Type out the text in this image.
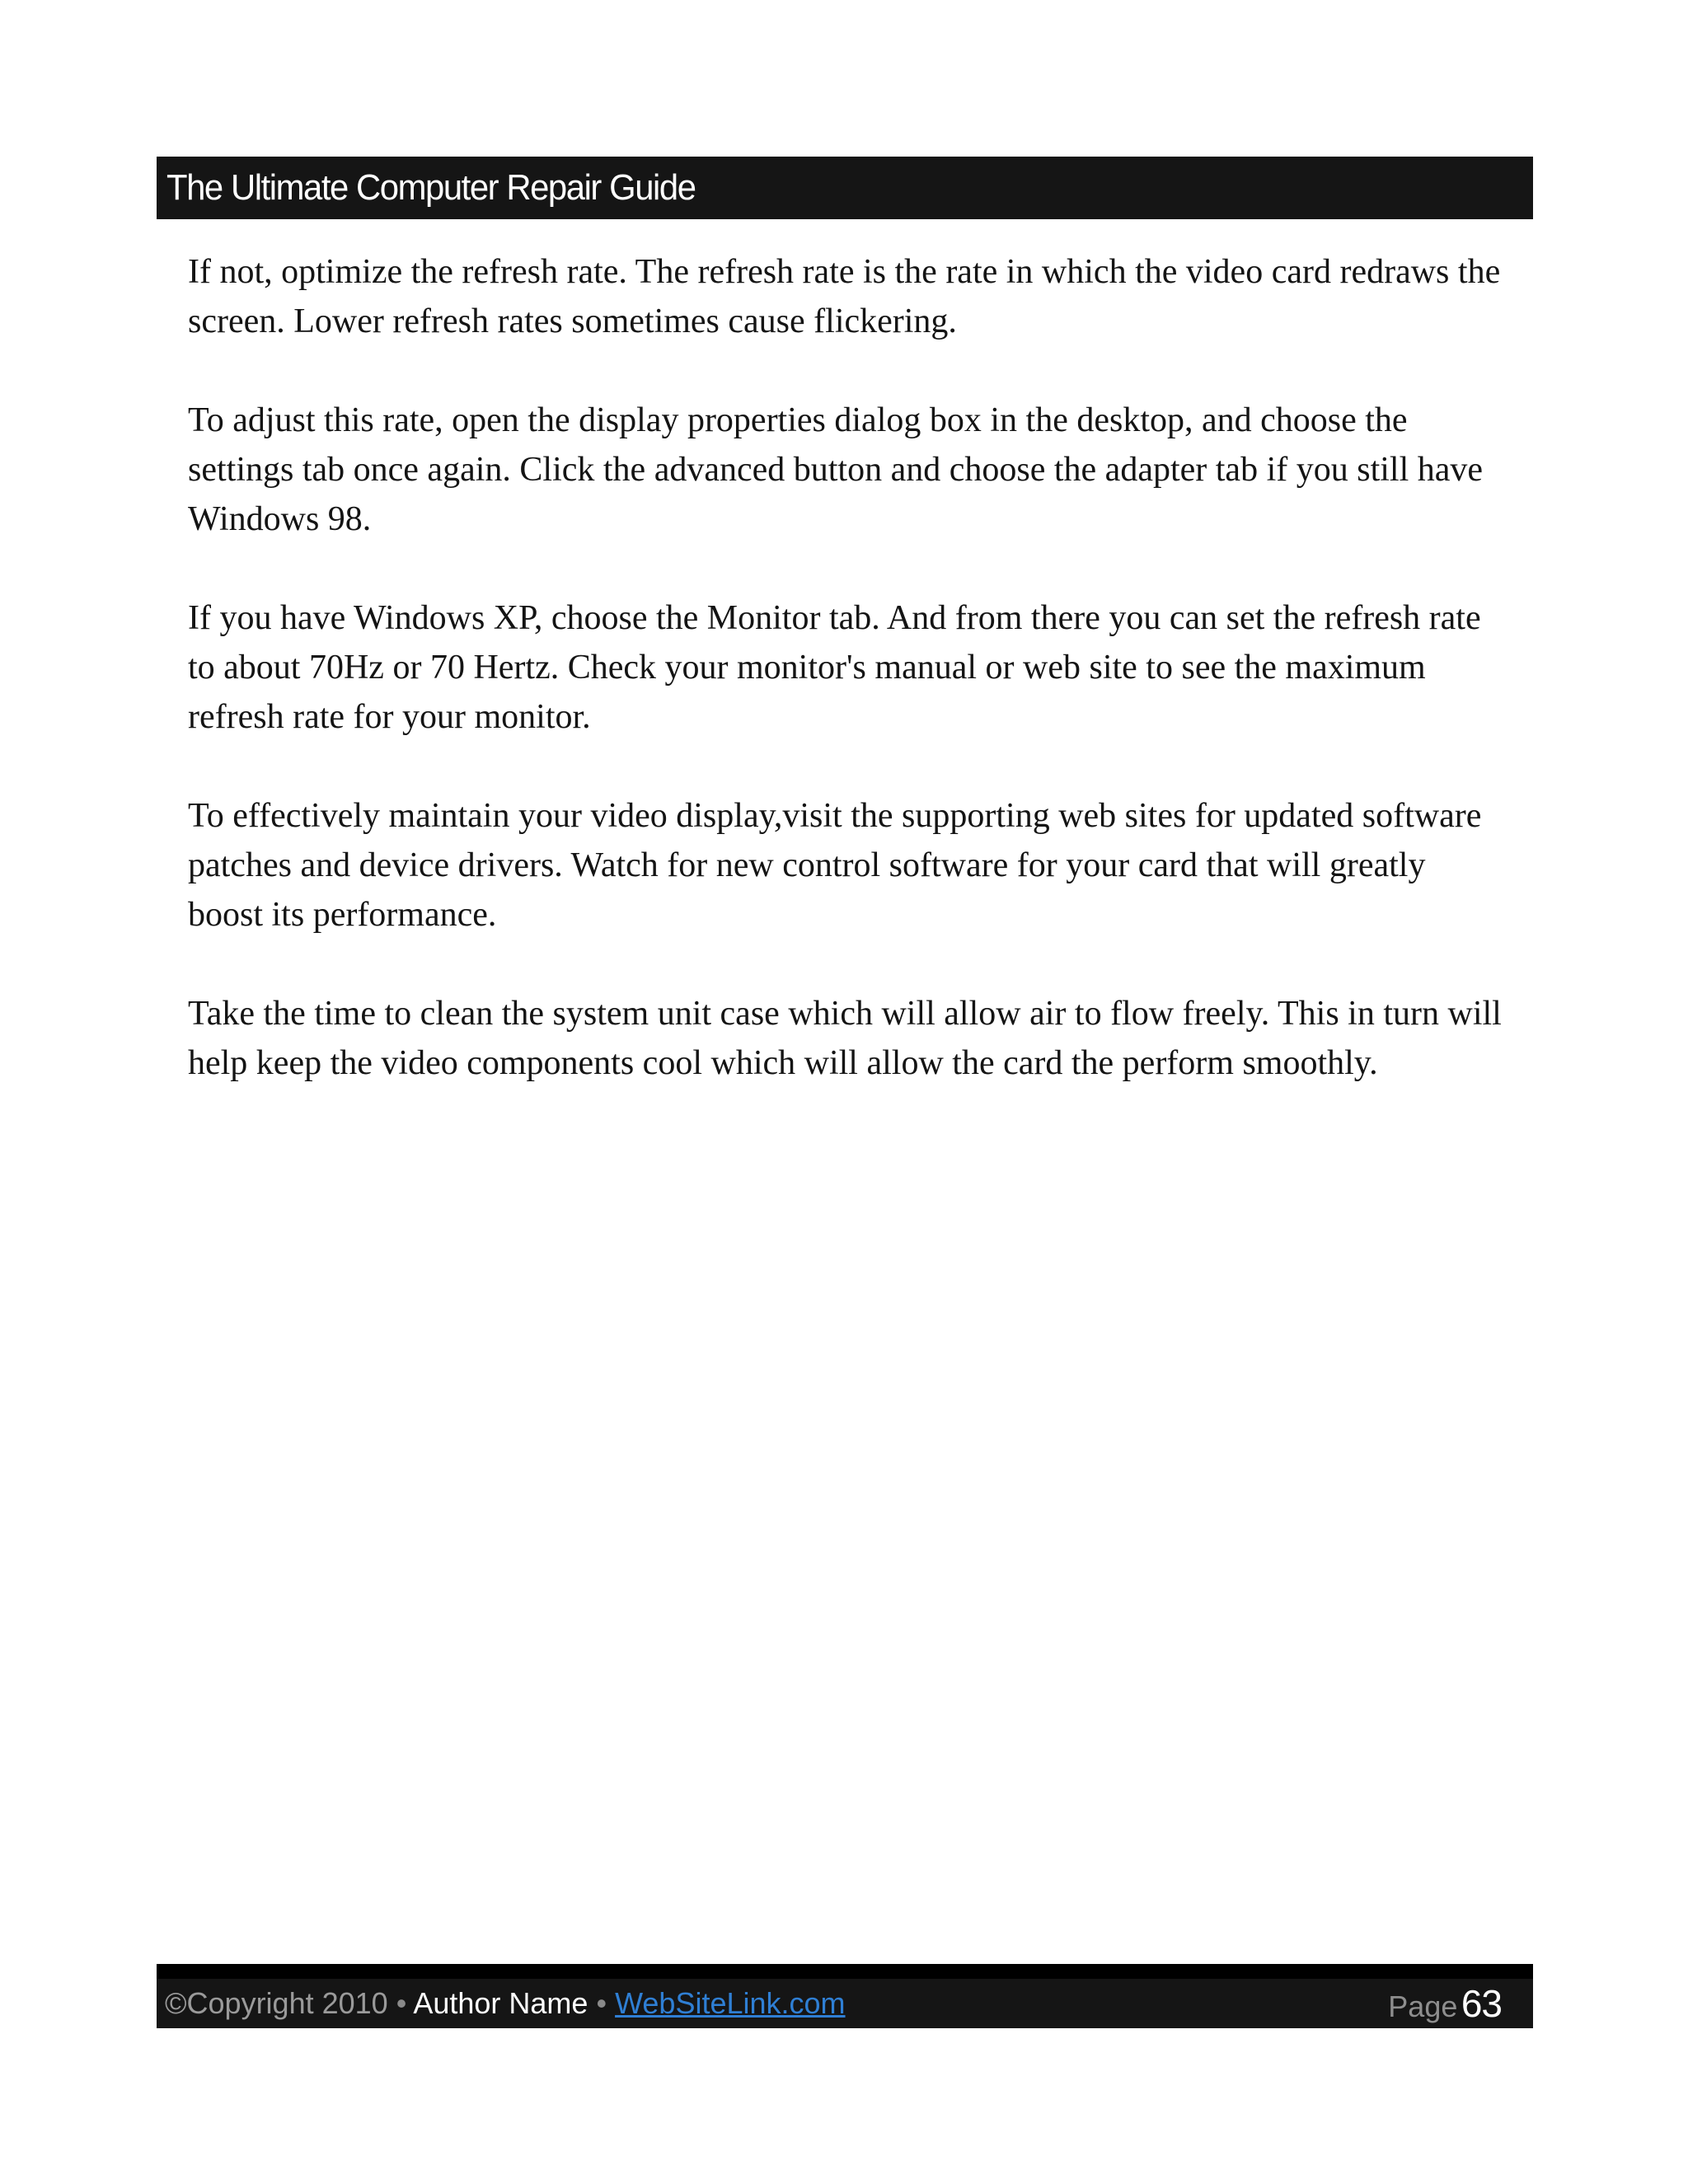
The Ultimate Computer Repair Guide

If not, optimize the refresh rate. The refresh rate is the rate in which the video card redraws the screen. Lower refresh rates sometimes cause flickering.

To adjust this rate, open the display properties dialog box in the desktop, and choose the settings tab once again. Click the advanced button and choose the adapter tab if you still have Windows 98.

If you have Windows XP, choose the Monitor tab. And from there you can set the refresh rate to about 70Hz or 70 Hertz. Check your monitor's manual or web site to see the maximum refresh rate for your monitor.

To effectively maintain your video display,visit the supporting web sites for updated software patches and device drivers. Watch for new control software for your card that will greatly boost its performance.

Take the time to clean the system unit case which will allow air to flow freely. This in turn will help keep the video components cool which will allow the card the perform smoothly.

©Copyright 2010 • Author Name • WebSiteLink.com	Page 63
